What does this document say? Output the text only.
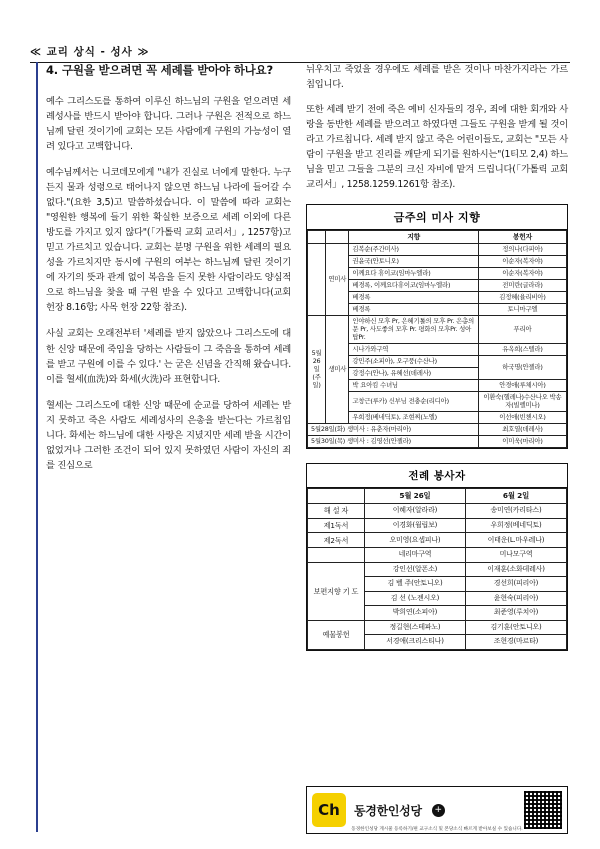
≪ 교리 상식 - 성사 ≫
4. 구원을 받으려면 꼭 세례를 받아야 하나요?

예수 그리스도를 통하여 이루신 하느님의 구원을 얻으려면 세례성사를 반드시 받아야 합니다. 그러나 구원은 전적으로 하느님께 달린 것이기에 교회는 모든 사람에게 구원의 가능성이 열려 있다고 고백합니다.

예수님께서는 니코데모에게 "내가 진실로 너에게 말한다. 누구든지 물과 성령으로 태어나지 않으면 하느님 나라에 들어갈 수 없다."(요한 3,5)고 말씀하셨습니다. 이 말씀에 따라 교회는 "영원한 행복에 들기 위한 확실한 보증으로 세례 이외에 다른 방도를 가지고 있지 않다"(「가톨릭 교회 교리서」, 1257항)고 믿고 가르치고 있습니다. 교회는 분명 구원을 위한 세례의 필요성을 가르치지만 동시에 구원의 여부는 하느님께 달린 것이기에 자기의 뜻과 관계 없이 복음을 듣지 못한 사람이라도 양심적으로 하느님을 찾을 때 구원 받을 수 있다고 고백합니다(교회 헌장 8.16항; 사목 헌장 22항 참조).

사실 교회는 오래전부터 '세례를 받지 않았으나 그리스도에 대한 신앙 때문에 죽임을 당하는 사람들이 그 죽음을 통하여 세례를 받고 구원에 이를 수 있다.' 는 굳은 신념을 간직해 왔습니다. 이를 혈세(血洗)와 화세(火洗)라 표현합니다.

혈세는 그리스도에 대한 신앙 때문에 순교를 당하여 세례는 받지 못하고 죽은 사람도 세례성사의 은총을 받는다는 가르침입니다. 화세는 하느님에 대한 사랑은 지녔지만 세례 받을 시간이 없었거나 그러한 조건이 되어 있지 못하였던 사람이 자신의 죄를 진심으로

뉘우치고 죽었을 경우에도 세례를 받은 것이나 마찬가지라는 가르침입니다.

또한 세례 받기 전에 죽은 예비 신자들의 경우, 죄에 대한 회개와 사랑을 동반한 세례를 받으려고 하였다면 그들도 구원을 받게 될 것이라고 가르칩니다. 세례 받지 않고 죽은 어린이들도, 교회는 "모든 사람이 구원을 받고 진리를 깨닫게 되기를 원하시는"(1티모 2,4) 하느님을 믿고 그들을 그분의 크신 자비에 맡겨 드립니다(「가톨릭 교회 교리서」, 1258.1259.1261항 참조).

금주의 미사 지향
		지향	봉헌자
	연미사	김복순(주간미사)	정의나(다피아)
		권윤국(안토니오)	이순자(복자야)
		이께요다 휴이코(임마누엘라)	이순자(복자야)
		베경록, 이께요다휴이코(임마누엘라)	전미란(글라라)
		베경록	김정혜(율리비아)
		베경록	토니마구엘
5월 26일 (주일)	생미사	인야하신 모후 Pr, 은혜기톨의 모후 Pr. 은총의 문 Pr, 사도좋의 모후 Pr. 평화의 모후Pr. 성아탑Pr.	푸리아
		시나가와구역	유옥희(스텔라)
		강민주(소피아), 오구풍(수산나)	하국명(안젤라)
		강정수(안나), 유혜선(데레사)	
		박 요아킴 수녀님	안경애(루체시아)
		고창근(루카) 신부님 전충순(리디아)	이환숙(헬레나)수산나오 박송자(빌렐미나)
		우희정(베네딕토), 조현찌(노엘)	이선애(빈첸시오)
5월28일(화) 생미사 : 유춘자(마리아)			최호열(데레사)
5월30일(목) 생미사 : 김영선(안젤라)			이미욱(마리아)
전례 봉사자
	5월 26일	6월 2일
해 설 자	이혜자(알라라)	송미연(카리타스)
제1독서	이경화(월립보)	우희정(베네딕토)
제2독서	오미영(요셉피나)	이태운(L.마우레나)
ㅤ	네리마구역	미나모구역
보편지향 기 도	강인선(알폰소)	이재훈(소화데레사)
	김 벨 주(안토니오)	경선희(피리아)
	김 선 (노젠시오)	윤현숙(피리아)
	박희연(소피아)	최준영(루치아)
예물봉헌	정길현(스테파노)	김기훈(안토니오)
	서경애(크리스티나)	조현경(마르타)
Ch	동경한인성당	+
동경한인성당 게시물 등록하기/편 교구소식 및 본당소식 빠르게 받아보실 수 있습니다.
